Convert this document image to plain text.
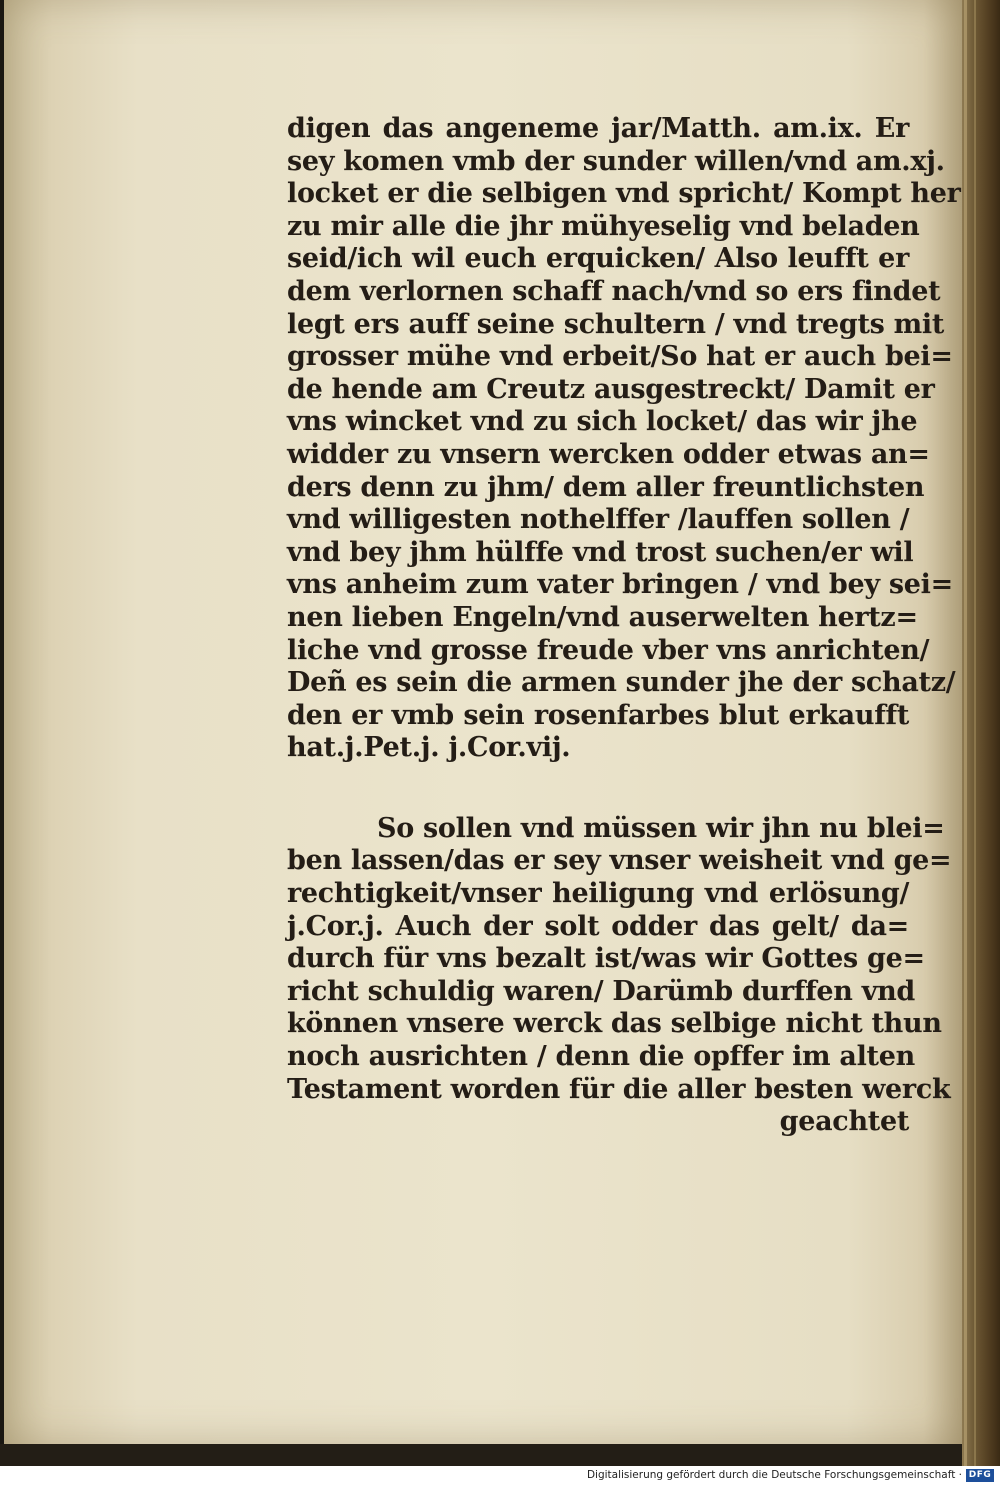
digen das angeneme jar/Matth. am.ix. Er
sey komen vmb der sunder willen/vnd am.xj.
locket er die selbigen vnd spricht/ Kompt her
zu mir alle die jhr mühyeselig vnd beladen
seid/ich wil euch erquicken/ Also leufft er
dem verlornen schaff nach/vnd so ers findet
legt ers auff seine schultern / vnd tregts mit
grosser mühe vnd erbeit/So hat er auch bei=
de hende am Creutz ausgestreckt/ Damit er
vns wincket vnd zu sich locket/ das wir jhe
widder zu vnsern wercken odder etwas an=
ders denn zu jhm/ dem aller freuntlichsten
vnd willigesten nothelffer /lauffen sollen /
vnd bey jhm hülffe vnd trost suchen/er wil
vns anheim zum vater bringen / vnd bey sei=
nen lieben Engeln/vnd auserwelten hertz=
liche vnd grosse freude vber vns anrichten/
Deñ es sein die armen sunder jhe der schatz/
den er vmb sein rosenfarbes blut erkaufft
hat.j.Pet.j. j.Cor.vij.
So sollen vnd müssen wir jhn nu blei=
ben lassen/das er sey vnser weisheit vnd ge=
rechtigkeit/vnser heiligung vnd erlösung/
j.Cor.j. Auch der solt odder das gelt/ da=
durch für vns bezalt ist/was wir Gottes ge=
richt schuldig waren/ Darümb durffen vnd
können vnsere werck das selbige nicht thun
noch ausrichten / denn die opffer im alten
Testament worden für die aller besten werck
geachtet
Digitalisierung gefördert durch die Deutsche Forschungsgemeinschaft · DFG
